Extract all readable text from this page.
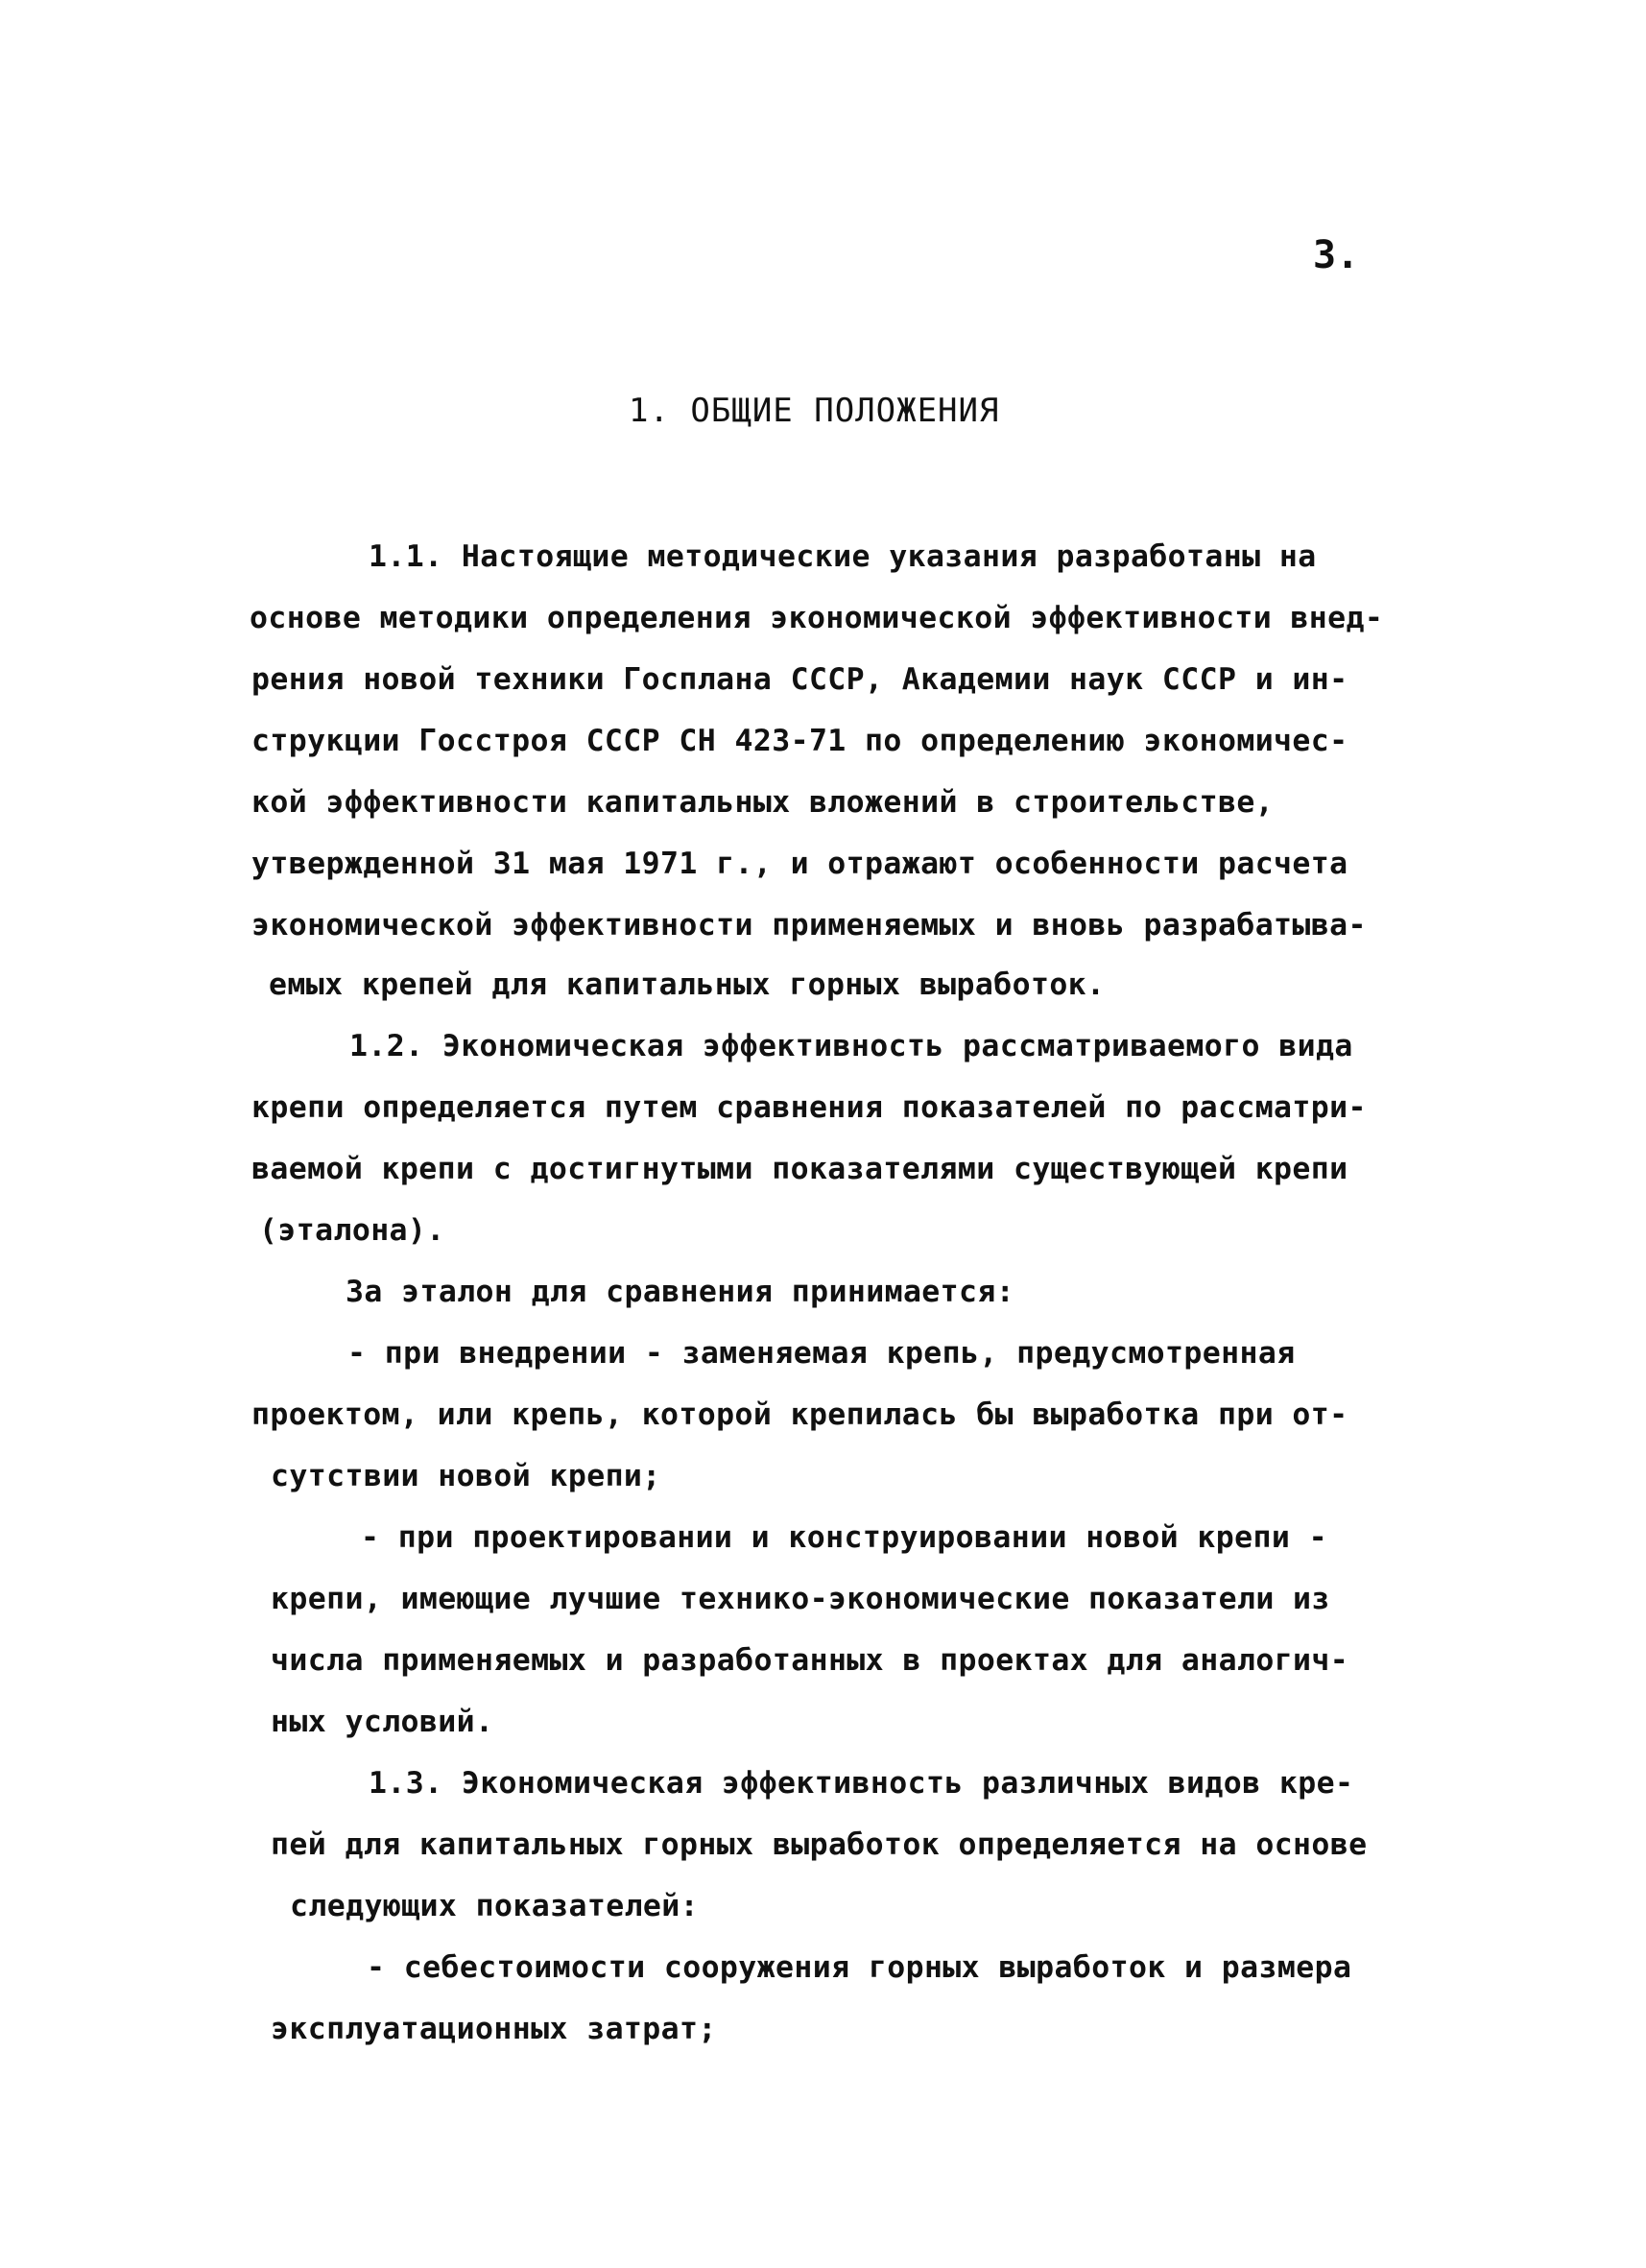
3.
1. ОБЩИЕ ПОЛОЖЕНИЯ
1.1. Настоящие методические указания разработаны на
основе методики определения экономической эффективности внед-
рения новой техники Госплана СССР, Академии наук СССР и ин-
струкции Госстроя СССР СН 423-71 по определению экономичес-
кой эффективности капитальных вложений в строительстве,
утвержденной 31 мая 1971 г., и отражают особенности расчета
экономической эффективности применяемых и вновь разрабатыва-
емых крепей для капитальных горных выработок.
1.2. Экономическая эффективность рассматриваемого вида
крепи определяется путем сравнения показателей по рассматри-
ваемой крепи с достигнутыми показателями существующей крепи
(эталона).
За эталон для сравнения принимается:
- при внедрении - заменяемая крепь, предусмотренная
проектом, или крепь, которой крепилась бы выработка при от-
сутствии новой крепи;
- при проектировании и конструировании новой крепи -
крепи, имеющие лучшие технико-экономические показатели из
числа применяемых и разработанных в проектах для аналогич-
ных условий.
1.3. Экономическая эффективность различных видов кре-
пей для капитальных горных выработок определяется на основе
следующих показателей:
- себестоимости сооружения горных выработок и размера
эксплуатационных затрат;
